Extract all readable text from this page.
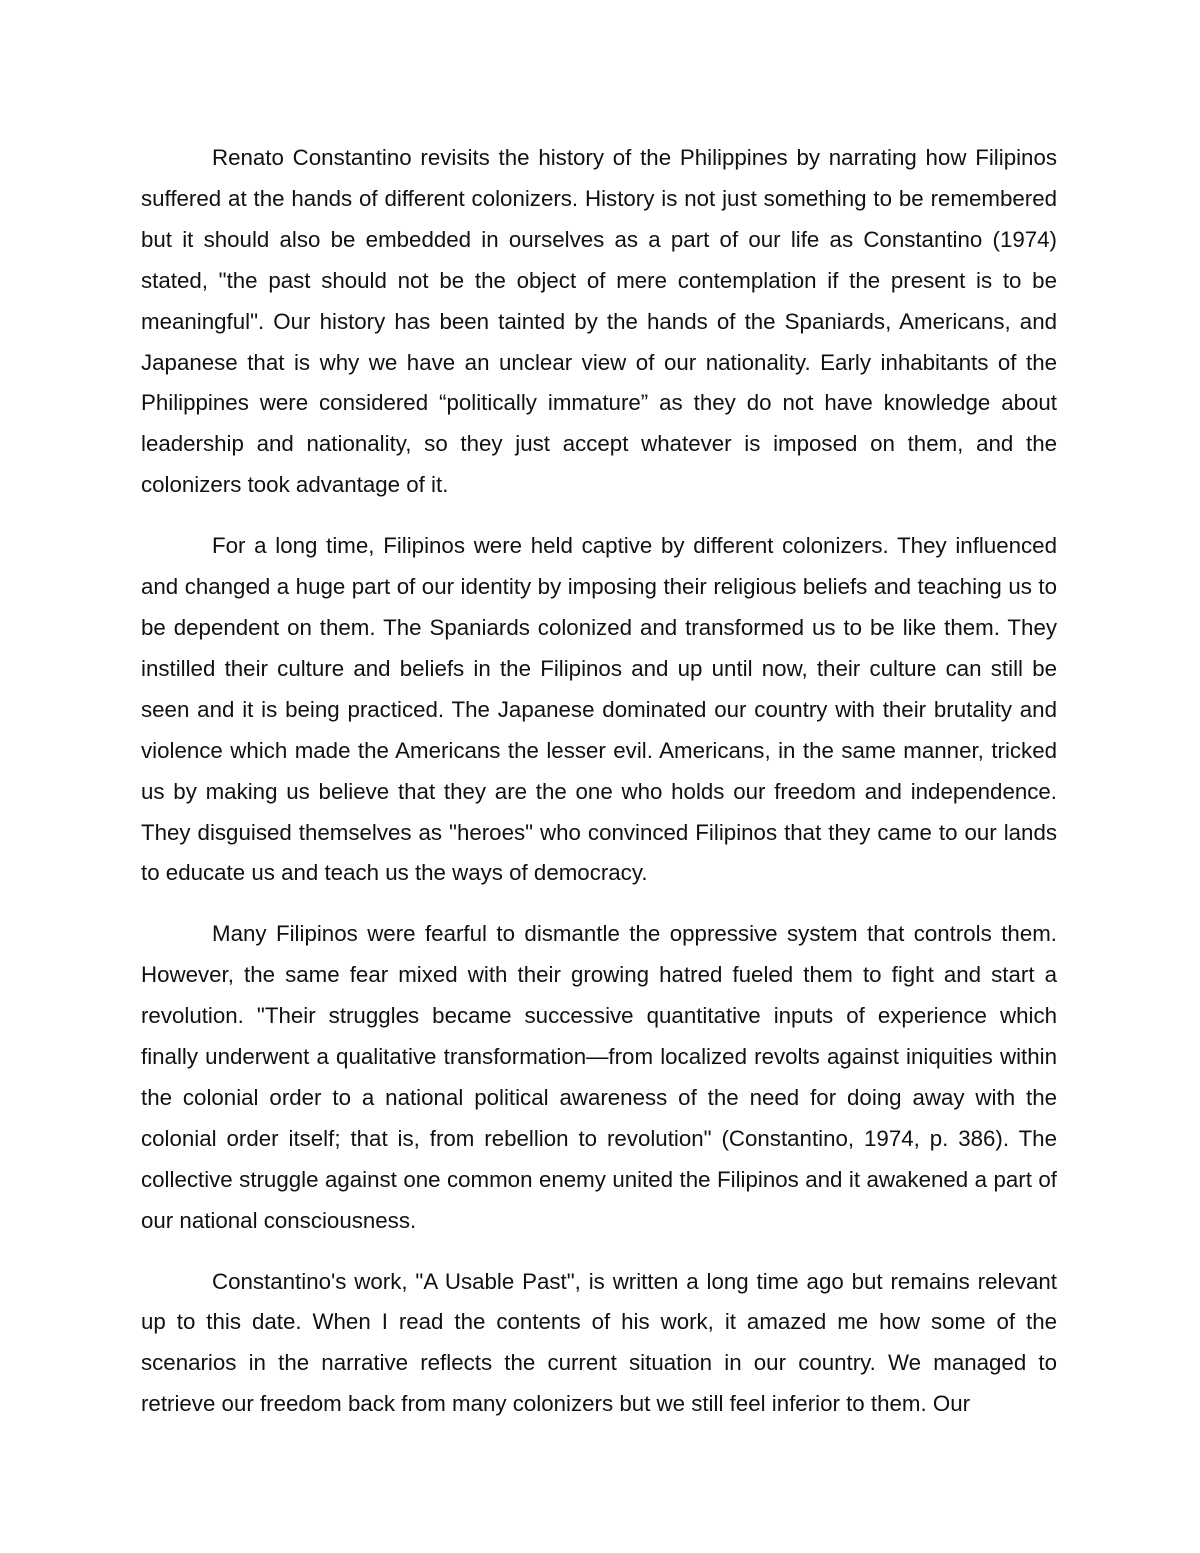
Renato Constantino revisits the history of the Philippines by narrating how Filipinos suffered at the hands of different colonizers. History is not just something to be remembered but it should also be embedded in ourselves as a part of our life as Constantino (1974) stated, "the past should not be the object of mere contemplation if the present is to be meaningful". Our history has been tainted by the hands of the Spaniards, Americans, and Japanese that is why we have an unclear view of our nationality. Early inhabitants of the Philippines were considered “politically immature” as they do not have knowledge about leadership and nationality, so they just accept whatever is imposed on them, and the colonizers took advantage of it.

For a long time, Filipinos were held captive by different colonizers. They influenced and changed a huge part of our identity by imposing their religious beliefs and teaching us to be dependent on them. The Spaniards colonized and transformed us to be like them. They instilled their culture and beliefs in the Filipinos and up until now, their culture can still be seen and it is being practiced. The Japanese dominated our country with their brutality and violence which made the Americans the lesser evil. Americans, in the same manner, tricked us by making us believe that they are the one who holds our freedom and independence. They disguised themselves as "heroes" who convinced Filipinos that they came to our lands to educate us and teach us the ways of democracy.

Many Filipinos were fearful to dismantle the oppressive system that controls them. However, the same fear mixed with their growing hatred fueled them to fight and start a revolution. "Their struggles became successive quantitative inputs of experience which finally underwent a qualitative transformation—from localized revolts against iniquities within the colonial order to a national political awareness of the need for doing away with the colonial order itself; that is, from rebellion to revolution" (Constantino, 1974, p. 386). The collective struggle against one common enemy united the Filipinos and it awakened a part of our national consciousness.

Constantino's work, "A Usable Past", is written a long time ago but remains relevant up to this date. When I read the contents of his work, it amazed me how some of the scenarios in the narrative reflects the current situation in our country. We managed to retrieve our freedom back from many colonizers but we still feel inferior to them. Our
